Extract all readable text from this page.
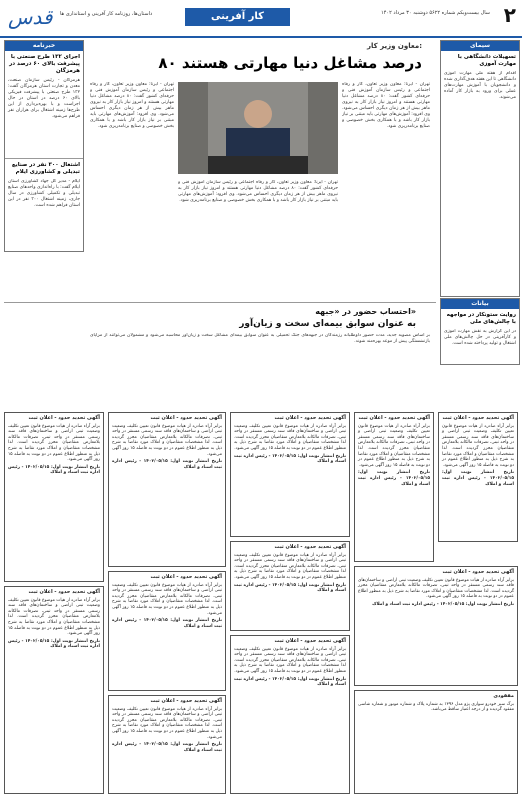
قدس داستان‌ها، روزنامه کار آفرینی و استانداری ها	کار آفرینی	سال بیست‌ویکم شماره ۵۶۲۲ دوشنبه ۳۰ مرداد ۱۴۰۲ ۲
خبرنامه
اجرای ۱۳۲ طرح صنعتی با پیشرفت بالای ۶۰ درصد در هرمزگان
هرمزگان - رئیس سازمان صنعت، معدن و تجارت استان هرمزگان گفت: ۱۳۲ طرح صنعتی با پیشرفت فیزیکی بالای ۶۰ درصد در استان در حال اجراست و با بهره‌برداری از این طرح‌ها زمینه اشتغال برای هزاران نفر فراهم می‌شود.
اشتغال ۳۰۰ نفر در صنایع تبدیلی و کشاورزی ایلام
ایلام - مدیر کل جهاد کشاورزی استان ایلام گفت: با راه‌اندازی واحدهای صنایع تبدیلی و تکمیلی کشاورزی در سال جاری، زمینه اشتغال ۳۰۰ نفر در این استان فراهم شده است.
سیمای
تسهیلات دانشگاهی با مهارت آموزی
اقدام از هفته ملی مهارت آموزی دانشگاهی تا این هفته هدف‌گذاری شده و دانشجویان با آموزش مهارت‌های عملی برای ورود به بازار کار آماده می‌شوند.
بیانات
روایت ستونکار در مواجهه با چالش‌های ملی
در این گزارش به نقش مهارت آموزی و کارآفرینی در حل چالش‌های ملی اشتغال و تولید پرداخته شده است.
معاون وزیر کار:
۸۰ درصد مشاغل دنیا مهارتی هستند
تهران - ایرنا: معاون وزیر تعاون، کار و رفاه اجتماعی و رئیس سازمان آموزش فنی و حرفه‌ای کشور گفت: ۸۰ درصد مشاغل دنیا مهارتی هستند و امروز نیاز بازار کار به نیروی ماهر بیش از هر زمان دیگری احساس می‌شود. وی افزود: آموزش‌های مهارتی باید مبتنی بر نیاز بازار کار باشد و با همکاری بخش خصوصی و صنایع برنامه‌ریزی شود.
تهران - ایرنا: معاون وزیر تعاون، کار و رفاه اجتماعی و رئیس سازمان آموزش فنی و حرفه‌ای کشور گفت: ۸۰ درصد مشاغل دنیا مهارتی هستند و امروز نیاز بازار کار به نیروی ماهر بیش از هر زمان دیگری احساس می‌شود. وی افزود: آموزش‌های مهارتی باید مبتنی بر نیاز بازار کار باشد و با همکاری بخش خصوصی و صنایع برنامه‌ریزی شود.
تهران - ایرنا: معاون وزیر تعاون، کار و رفاه اجتماعی و رئیس سازمان آموزش فنی و حرفه‌ای کشور گفت: ۸۰ درصد مشاغل دنیا مهارتی هستند و امروز نیاز بازار کار به نیروی ماهر بیش از هر زمان دیگری احساس می‌شود. وی افزود: آموزش‌های مهارتی باید مبتنی بر نیاز بازار کار باشد و با همکاری بخش خصوصی و صنایع برنامه‌ریزی شود.
احتساب حضور در «جبهه»
به عنوان سوابق بیمه‌ای سخت و زیان‌آور
بر اساس مصوبه جدید، مدت حضور داوطلبانه رزمندگان در جبهه‌های جنگ تحمیلی به عنوان سوابق بیمه‌ای مشاغل سخت و زیان‌آور محاسبه می‌شود و مشمولان می‌توانند از مزایای بازنشستگی پیش از موعد بهره‌مند شوند.
آگهی تحدید حدود - اعلان ثبت
برابر آراء صادره از هیات موضوع قانون تعیین تکلیف وضعیت ثبتی اراضی و ساختمان‌های فاقد سند رسمی مستقر در واحد ثبتی، تصرفات مالکانه بلامعارض متقاضیان محرز گردیده است. لذا مشخصات متقاضیان و املاک مورد تقاضا به شرح ذیل به منظور اطلاع عموم در دو نوبت به فاصله ۱۵ روز آگهی می‌شود.
تاریخ انتشار نوبت اول: ۱۴۰۲/۰۵/۱۵ - رئیس اداره ثبت اسناد و املاک
آگهی تحدید حدود - اعلان ثبت
برابر آراء صادره از هیات موضوع قانون تعیین تکلیف وضعیت ثبتی اراضی و ساختمان‌های فاقد سند رسمی مستقر در واحد ثبتی، تصرفات مالکانه بلامعارض متقاضیان محرز گردیده است. لذا مشخصات متقاضیان و املاک مورد تقاضا به شرح ذیل به منظور اطلاع عموم در دو نوبت به فاصله ۱۵ روز آگهی می‌شود.
تاریخ انتشار نوبت اول: ۱۴۰۲/۰۵/۱۵ - رئیس اداره ثبت اسناد و املاک
آگهی تحدید حدود - اعلان ثبت
برابر آراء صادره از هیات موضوع قانون تعیین تکلیف وضعیت ثبتی اراضی و ساختمان‌های فاقد سند رسمی مستقر در واحد ثبتی، تصرفات مالکانه بلامعارض متقاضیان محرز گردیده است. لذا مشخصات متقاضیان و املاک مورد تقاضا به شرح ذیل به منظور اطلاع عموم در دو نوبت به فاصله ۱۵ روز آگهی می‌شود.
تاریخ انتشار نوبت اول: ۱۴۰۲/۰۵/۱۵ - رئیس اداره ثبت اسناد و املاک
آگهی تحدید حدود - اعلان ثبت
برابر آراء صادره از هیات موضوع قانون تعیین تکلیف وضعیت ثبتی اراضی و ساختمان‌های فاقد سند رسمی مستقر در واحد ثبتی، تصرفات مالکانه بلامعارض متقاضیان محرز گردیده است. لذا مشخصات متقاضیان و املاک مورد تقاضا به شرح ذیل به منظور اطلاع عموم در دو نوبت به فاصله ۱۵ روز آگهی می‌شود.
تاریخ انتشار نوبت اول: ۱۴۰۲/۰۵/۱۵ - رئیس اداره ثبت اسناد و املاک
آگهی تحدید حدود - اعلان ثبت
برابر آراء صادره از هیات موضوع قانون تعیین تکلیف وضعیت ثبتی اراضی و ساختمان‌های فاقد سند رسمی مستقر در واحد ثبتی، تصرفات مالکانه بلامعارض متقاضیان محرز گردیده است. لذا مشخصات متقاضیان و املاک مورد تقاضا به شرح ذیل به منظور اطلاع عموم در دو نوبت به فاصله ۱۵ روز آگهی می‌شود.
تاریخ انتشار نوبت اول: ۱۴۰۲/۰۵/۱۵ - رئیس اداره ثبت اسناد و املاک
آگهی تحدید حدود - اعلان ثبت
برابر آراء صادره از هیات موضوع قانون تعیین تکلیف وضعیت ثبتی اراضی و ساختمان‌های فاقد سند رسمی مستقر در واحد ثبتی، تصرفات مالکانه بلامعارض متقاضیان محرز گردیده است. لذا مشخصات متقاضیان و املاک مورد تقاضا به شرح ذیل به منظور اطلاع عموم در دو نوبت به فاصله ۱۵ روز آگهی می‌شود.
تاریخ انتشار نوبت اول: ۱۴۰۲/۰۵/۱۵ - رئیس اداره ثبت اسناد و املاک
آگهی تحدید حدود - اعلان ثبت
برابر آراء صادره از هیات موضوع قانون تعیین تکلیف وضعیت ثبتی اراضی و ساختمان‌های فاقد سند رسمی مستقر در واحد ثبتی، تصرفات مالکانه بلامعارض متقاضیان محرز گردیده است. لذا مشخصات متقاضیان و املاک مورد تقاضا به شرح ذیل به منظور اطلاع عموم در دو نوبت به فاصله ۱۵ روز آگهی می‌شود.
تاریخ انتشار نوبت اول: ۱۴۰۲/۰۵/۱۵ - رئیس اداره ثبت اسناد و املاک
آگهی تحدید حدود - اعلان ثبت
برابر آراء صادره از هیات موضوع قانون تعیین تکلیف وضعیت ثبتی اراضی و ساختمان‌های فاقد سند رسمی مستقر در واحد ثبتی، تصرفات مالکانه بلامعارض متقاضیان محرز گردیده است. لذا مشخصات متقاضیان و املاک مورد تقاضا به شرح ذیل به منظور اطلاع عموم در دو نوبت به فاصله ۱۵ روز آگهی می‌شود.
تاریخ انتشار نوبت اول: ۱۴۰۲/۰۵/۱۵ - رئیس اداره ثبت اسناد و املاک
آگهی تحدید حدود - اعلان ثبت
برابر آراء صادره از هیات موضوع قانون تعیین تکلیف وضعیت ثبتی اراضی و ساختمان‌های فاقد سند رسمی مستقر در واحد ثبتی، تصرفات مالکانه بلامعارض متقاضیان محرز گردیده است. لذا مشخصات متقاضیان و املاک مورد تقاضا به شرح ذیل به منظور اطلاع عموم در دو نوبت به فاصله ۱۵ روز آگهی می‌شود.
تاریخ انتشار نوبت اول: ۱۴۰۲/۰۵/۱۵ - رئیس اداره ثبت اسناد و املاک
آگهی تحدید حدود - اعلان ثبت
برابر آراء صادره از هیات موضوع قانون تعیین تکلیف وضعیت ثبتی اراضی و ساختمان‌های فاقد سند رسمی مستقر در واحد ثبتی، تصرفات مالکانه بلامعارض متقاضیان محرز گردیده است. لذا مشخصات متقاضیان و املاک مورد تقاضا به شرح ذیل به منظور اطلاع عموم در دو نوبت به فاصله ۱۵ روز آگهی می‌شود.
تاریخ انتشار نوبت اول: ۱۴۰۲/۰۵/۱۵ - رئیس اداره ثبت اسناد و املاک
آگهی تحدید حدود - اعلان ثبت
برابر آراء صادره از هیات موضوع قانون تعیین تکلیف وضعیت ثبتی اراضی و ساختمان‌های فاقد سند رسمی مستقر در واحد ثبتی، تصرفات مالکانه بلامعارض متقاضیان محرز گردیده است. لذا مشخصات متقاضیان و املاک مورد تقاضا به شرح ذیل به منظور اطلاع عموم در دو نوبت به فاصله ۱۵ روز آگهی می‌شود.
تاریخ انتشار نوبت اول: ۱۴۰۲/۰۵/۱۵ - رئیس اداره ثبت اسناد و املاک
مفقودی
برگ سبز خودرو سواری پژو مدل ۱۳۹۶ به شماره پلاک و شماره موتور و شماره شاسی مفقود گردیده و از درجه اعتبار ساقط می‌باشد.
